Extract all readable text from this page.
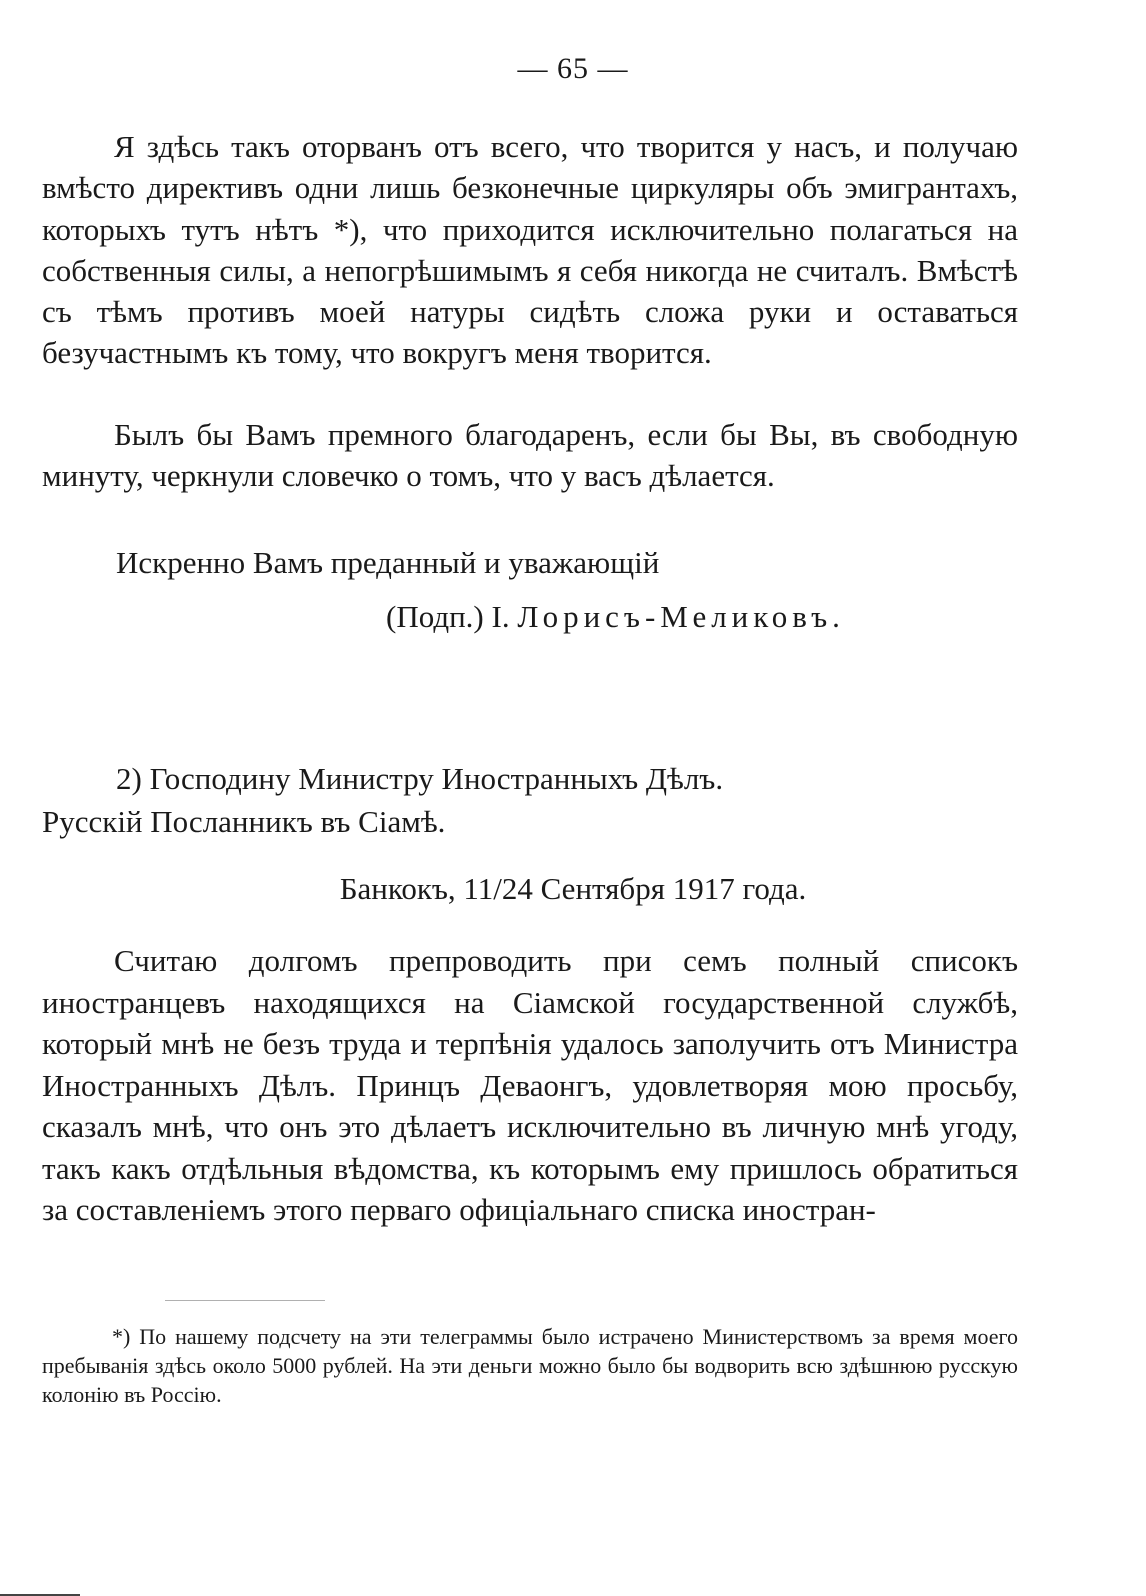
— 65 —

Я здѣсь такъ оторванъ отъ всего, что творится у насъ, и получаю вмѣсто директивъ одни лишь безконечные циркуляры объ эмигрантахъ, которыхъ тутъ нѣтъ *), что приходится исключительно полагаться на собственныя силы, а непогрѣшимымъ я себя никогда не считалъ. Вмѣстѣ съ тѣмъ противъ моей натуры сидѣть сложа руки и оставаться безучастнымъ къ тому, что вокругъ меня творится.

Былъ бы Вамъ премного благодаренъ, если бы Вы, въ свободную минуту, черкнули словечко о томъ, что у васъ дѣлается.

Искренно Вамъ преданный и уважающій
(Подп.) І. Лорисъ-Меликовъ.
2) Господину Министру Иностранныхъ Дѣлъ.
Русскій Посланникъ въ Сіамѣ.
Банкокъ, 11/24 Сентября 1917 года.

Считаю долгомъ препроводить при семъ полный списокъ иностранцевъ находящихся на Сіамской государственной службѣ, который мнѣ не безъ труда и терпѣнія удалось заполучить отъ Министра Иностранныхъ Дѣлъ. Принцъ Деваонгъ, удовлетворяя мою просьбу, сказалъ мнѣ, что онъ это дѣлаетъ исключительно въ личную мнѣ угоду, такъ какъ отдѣльныя вѣдомства, къ которымъ ему пришлось обратиться за составленіемъ этого перваго офиціальнаго списка иностран-

*) По нашему подсчету на эти телеграммы было истрачено Министерствомъ за время моего пребыванія здѣсь около 5000 рублей. На эти деньги можно было бы водворить всю здѣшнюю русскую колонію въ Россію.
